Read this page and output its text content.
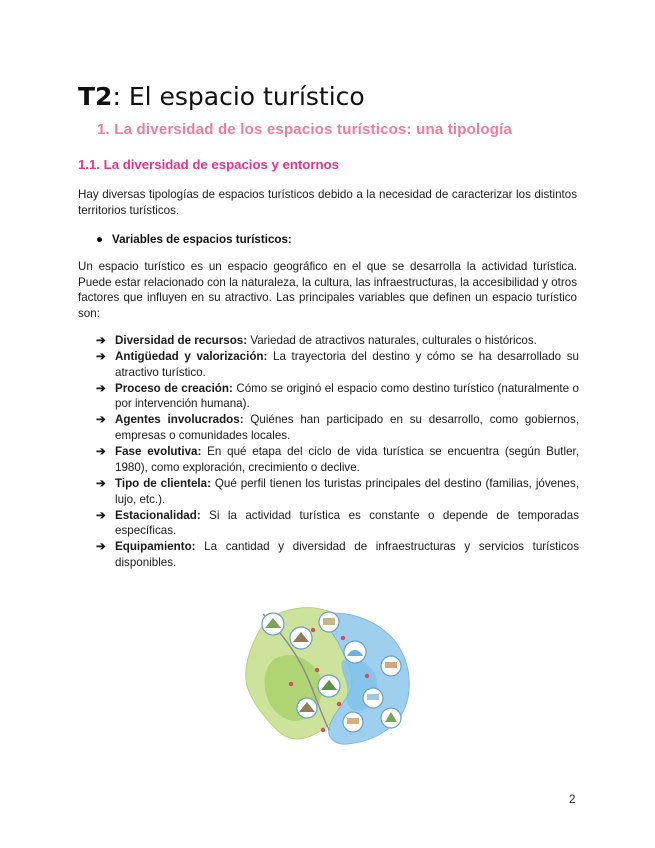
T2: El espacio turístico
1. La diversidad de los espacios turísticos: una tipología
1.1. La diversidad de espacios y entornos

Hay diversas tipologías de espacios turísticos debido a la necesidad de caracterizar los distintos territorios turísticos.

● Variables de espacios turísticos:

Un espacio turístico es un espacio geográfico en el que se desarrolla la actividad turística. Puede estar relacionado con la naturaleza, la cultura, las infraestructuras, la accesibilidad y otros factores que influyen en su atractivo. Las principales variables que definen un espacio turístico son:

➔ Diversidad de recursos: Variedad de atractivos naturales, culturales o históricos.
➔ Antigüedad y valorización: La trayectoria del destino y cómo se ha desarrollado su atractivo turístico.
➔ Proceso de creación: Cómo se originó el espacio como destino turístico (naturalmente o por intervención humana).
➔ Agentes involucrados: Quiénes han participado en su desarrollo, como gobiernos, empresas o comunidades locales.
➔ Fase evolutiva: En qué etapa del ciclo de vida turística se encuentra (según Butler, 1980), como exploración, crecimiento o declive.
➔ Tipo de clientela: Qué perfil tienen los turistas principales del destino (familias, jóvenes, lujo, etc.).
➔ Estacionalidad: Si la actividad turística es constante o depende de temporadas específicas.
➔ Equipamiento: La cantidad y diversidad de infraestructuras y servicios turísticos disponibles.
2
